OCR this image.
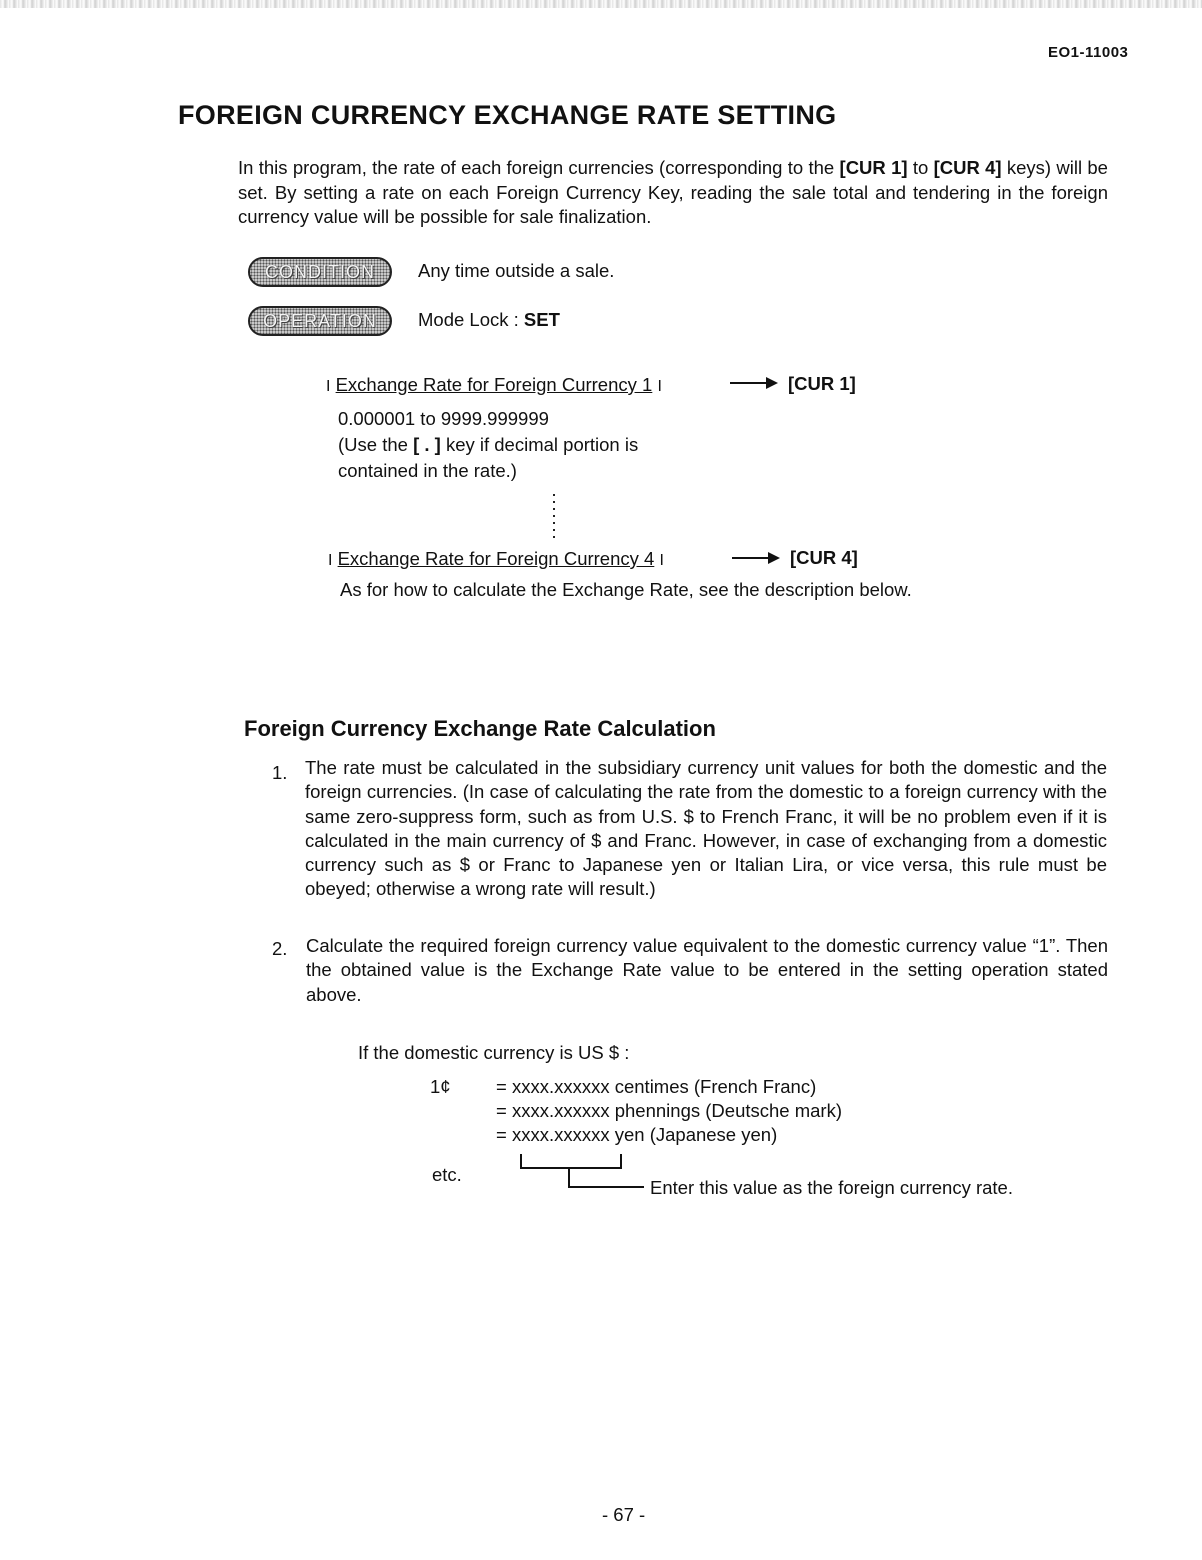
EO1-11003
FOREIGN CURRENCY EXCHANGE RATE SETTING
In this program, the rate of each foreign currencies (corresponding to the [CUR 1] to [CUR 4] keys) will be set. By setting a rate on each Foreign Currency Key, reading the sale total and tendering in the foreign currency value will be possible for sale finalization.
CONDITION	Any time outside a sale.
OPERATION	Mode Lock : SET
I Exchange Rate for Foreign Currency 1 I	[CUR 1]
0.000001 to 9999.999999
(Use the [ . ] key if decimal portion is
contained in the rate.)
I Exchange Rate for Foreign Currency 4 I	[CUR 4]
As for how to calculate the Exchange Rate, see the description below.
Foreign Currency Exchange Rate Calculation
1. The rate must be calculated in the subsidiary currency unit values for both the domestic and the foreign currencies. (In case of calculating the rate from the domestic to a foreign currency with the same zero-suppress form, such as from U.S. $ to French Franc, it will be no problem even if it is calculated in the main currency of $ and Franc. However, in case of exchanging from a domestic currency such as $ or Franc to Japanese yen or Italian Lira, or vice versa, this rule must be obeyed; otherwise a wrong rate will result.)
2. Calculate the required foreign currency value equivalent to the domestic currency value “1”. Then the obtained value is the Exchange Rate value to be entered in the setting operation stated above.
If the domestic currency is US $ :
1¢ = xxxx.xxxxxx centimes (French Franc)
= xxxx.xxxxxx phennings (Deutsche mark)
= xxxx.xxxxxx yen (Japanese yen)
etc.
Enter this value as the foreign currency rate.
- 67 -
